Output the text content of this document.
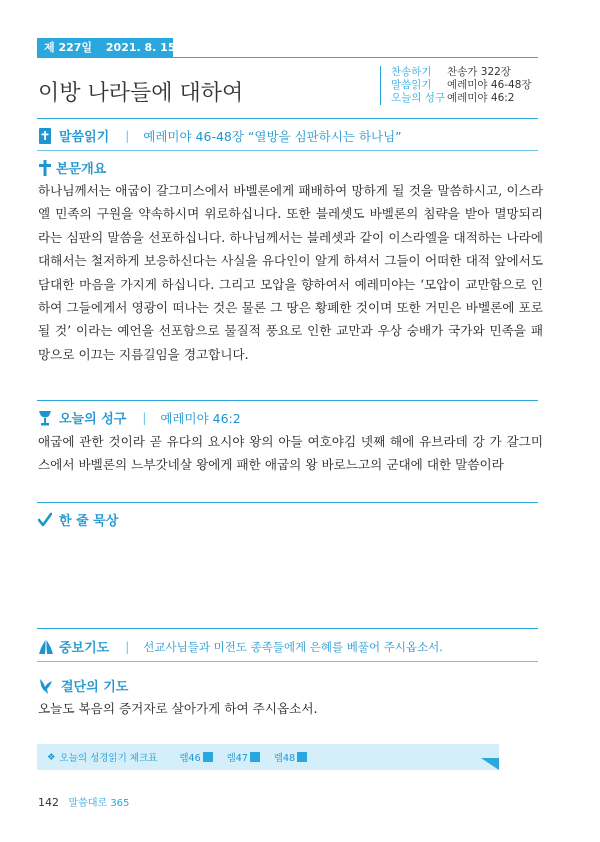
제 227일 2021. 8. 15. 주
이방 나라들에 대하여
찬송하기 찬송가 322장
말씀읽기 예레미야 46-48장
오늘의 성구 예레미야 46:2
말씀읽기 | 예레미야 46-48장 “열방을 심판하시는 하나님”
본문개요
하나님께서는 애굽이 갈그미스에서 바벨론에게 패배하여 망하게 될 것을 말씀하시고, 이스라엘 민족의 구원을 약속하시며 위로하십니다. 또한 블레셋도 바벨론의 침략을 받아 멸망되리라는 심판의 말씀을 선포하십니다. 하나님께서는 블레셋과 같이 이스라엘을 대적하는 나라에 대해서는 철저하게 보응하신다는 사실을 유다인이 알게 하셔서 그들이 어떠한 대적 앞에서도 담대한 마음을 가지게 하십니다. 그리고 모압을 향하여서 예레미야는 ‘모압이 교만함으로 인하여 그들에게서 영광이 떠나는 것은 물론 그 땅은 황폐한 것이며 또한 거민은 바벨론에 포로될 것’ 이라는 예언을 선포함으로 물질적 풍요로 인한 교만과 우상 숭배가 국가와 민족을 패망으로 이끄는 지름길임을 경고합니다.
오늘의 성구 | 예레미야 46:2
애굽에 관한 것이라 곧 유다의 요시야 왕의 아들 여호야김 넷째 해에 유브라데 강 가 갈그미스에서 바벨론의 느부갓네살 왕에게 패한 애굽의 왕 바로느고의 군대에 대한 말씀이라
한 줄 묵상
중보기도 | 선교사님들과 미전도 종족들에게 은혜를 베풀어 주시옵소서.
결단의 기도
오늘도 복음의 증거자로 살아가게 하여 주시옵소서.
❖ 오늘의 성경읽기 체크표 렘46	렘47	렘48
142 말씀대로 365
